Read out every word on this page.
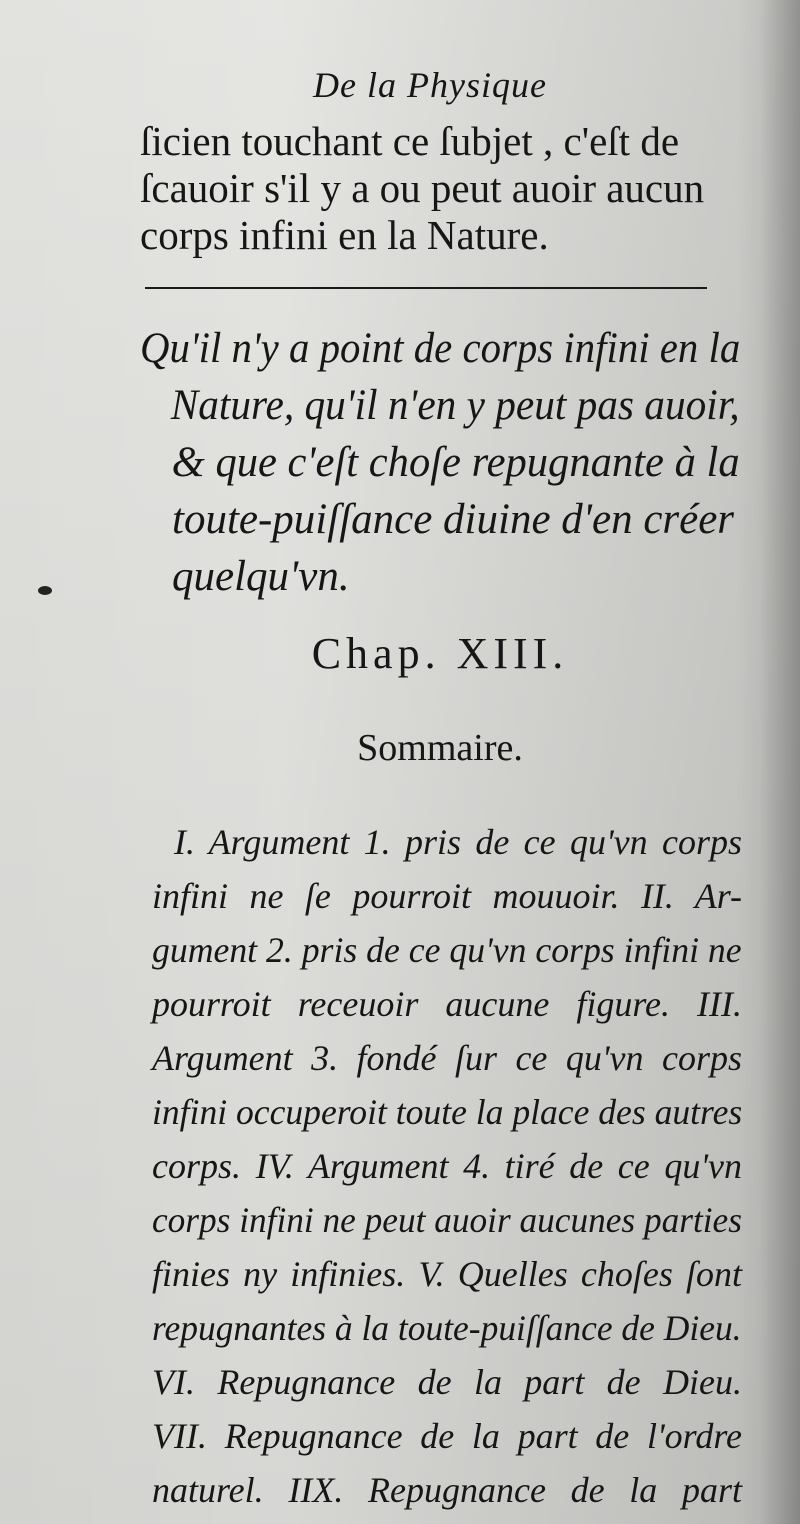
De la Physique
ſicien touchant ce ſubjet , c'eſt de
ſcauoir s'il y a ou peut auoir aucun
corps infini en la Nature.
Qu'il n'y a point de corps infini en la
Nature, qu'il n'en y peut pas auoir,
& que c'eſt choſe repugnante à la
toute-puiſſance diuine d'en créer
quelqu'vn.
Chap. XIII.
Sommaire.
I. Argument 1. pris de ce qu'vn corps
infini ne ſe pourroit mouuoir. II. Ar-
gument 2. pris de ce qu'vn corps infini ne
pourroit receuoir aucune figure. III.
Argument 3. fondé ſur ce qu'vn corps
infini occuperoit toute la place des autres
corps. IV. Argument 4. tiré de ce qu'vn
corps infini ne peut auoir aucunes parties
finies ny infinies. V. Quelles choſes ſont
repugnantes à la toute-puiſſance de Dieu.
VI. Repugnance de la part de Dieu.
VII. Repugnance de la part de l'ordre
naturel. IIX. Repugnance de la part
